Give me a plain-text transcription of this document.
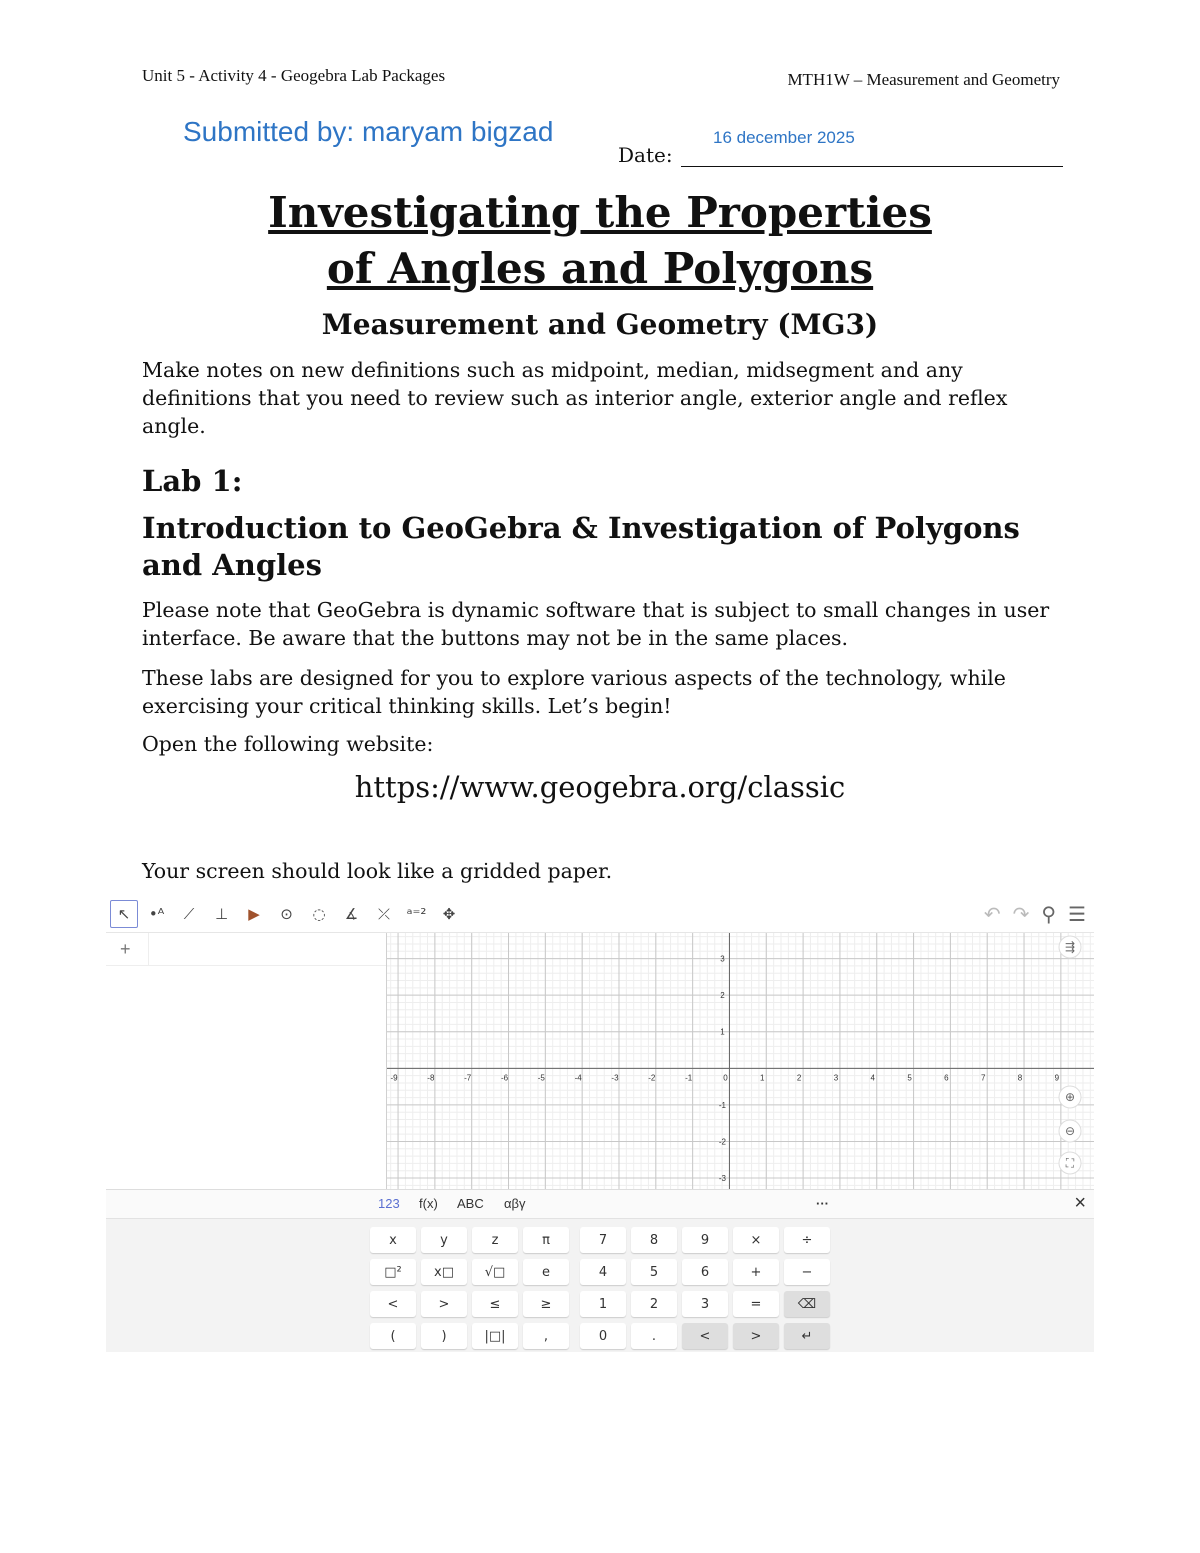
Unit 5 - Activity 4 - Geogebra Lab Packages	MTH1W – Measurement and Geometry
Submitted by: maryam bigzad	16 december 2025
Date:
Investigating the Properties
of Angles and Polygons
Measurement and Geometry (MG3)
Make notes on new definitions such as midpoint, median, midsegment and any definitions that you need to review such as interior angle, exterior angle and reflex angle.
Lab 1:
Introduction to GeoGebra & Investigation of Polygons and Angles
Please note that GeoGebra is dynamic software that is subject to small changes in user interface. Be aware that the buttons may not be in the same places.
These labs are designed for you to explore various aspects of the technology, while exercising your critical thinking skills. Let’s begin!
Open the following website:
https://www.geogebra.org/classic
Your screen should look like a gridded paper.
↖	•ᴬ	⟋	⊥	▶	⊙	◌	∡	⤫	ᵃ⁼²	✥	↶ ↷ ⚲ ☰
+
-9	-8	-7	-6	-5	-4	-3	-2	-1	0	1	2	3	4	5	6	7	8	9
3
2
1
-1
-2
-3
⇶
⊕
⊖
⛶
123 f(x) ABC αβγ	···	×
x	y	z	π	7	8	9	×	÷
□²	x□	√□	e	4	5	6	+	−
<	>	≤	≥	1	2	3	=	⌫
(	)	|□|	,	0	.	<	>	↵
